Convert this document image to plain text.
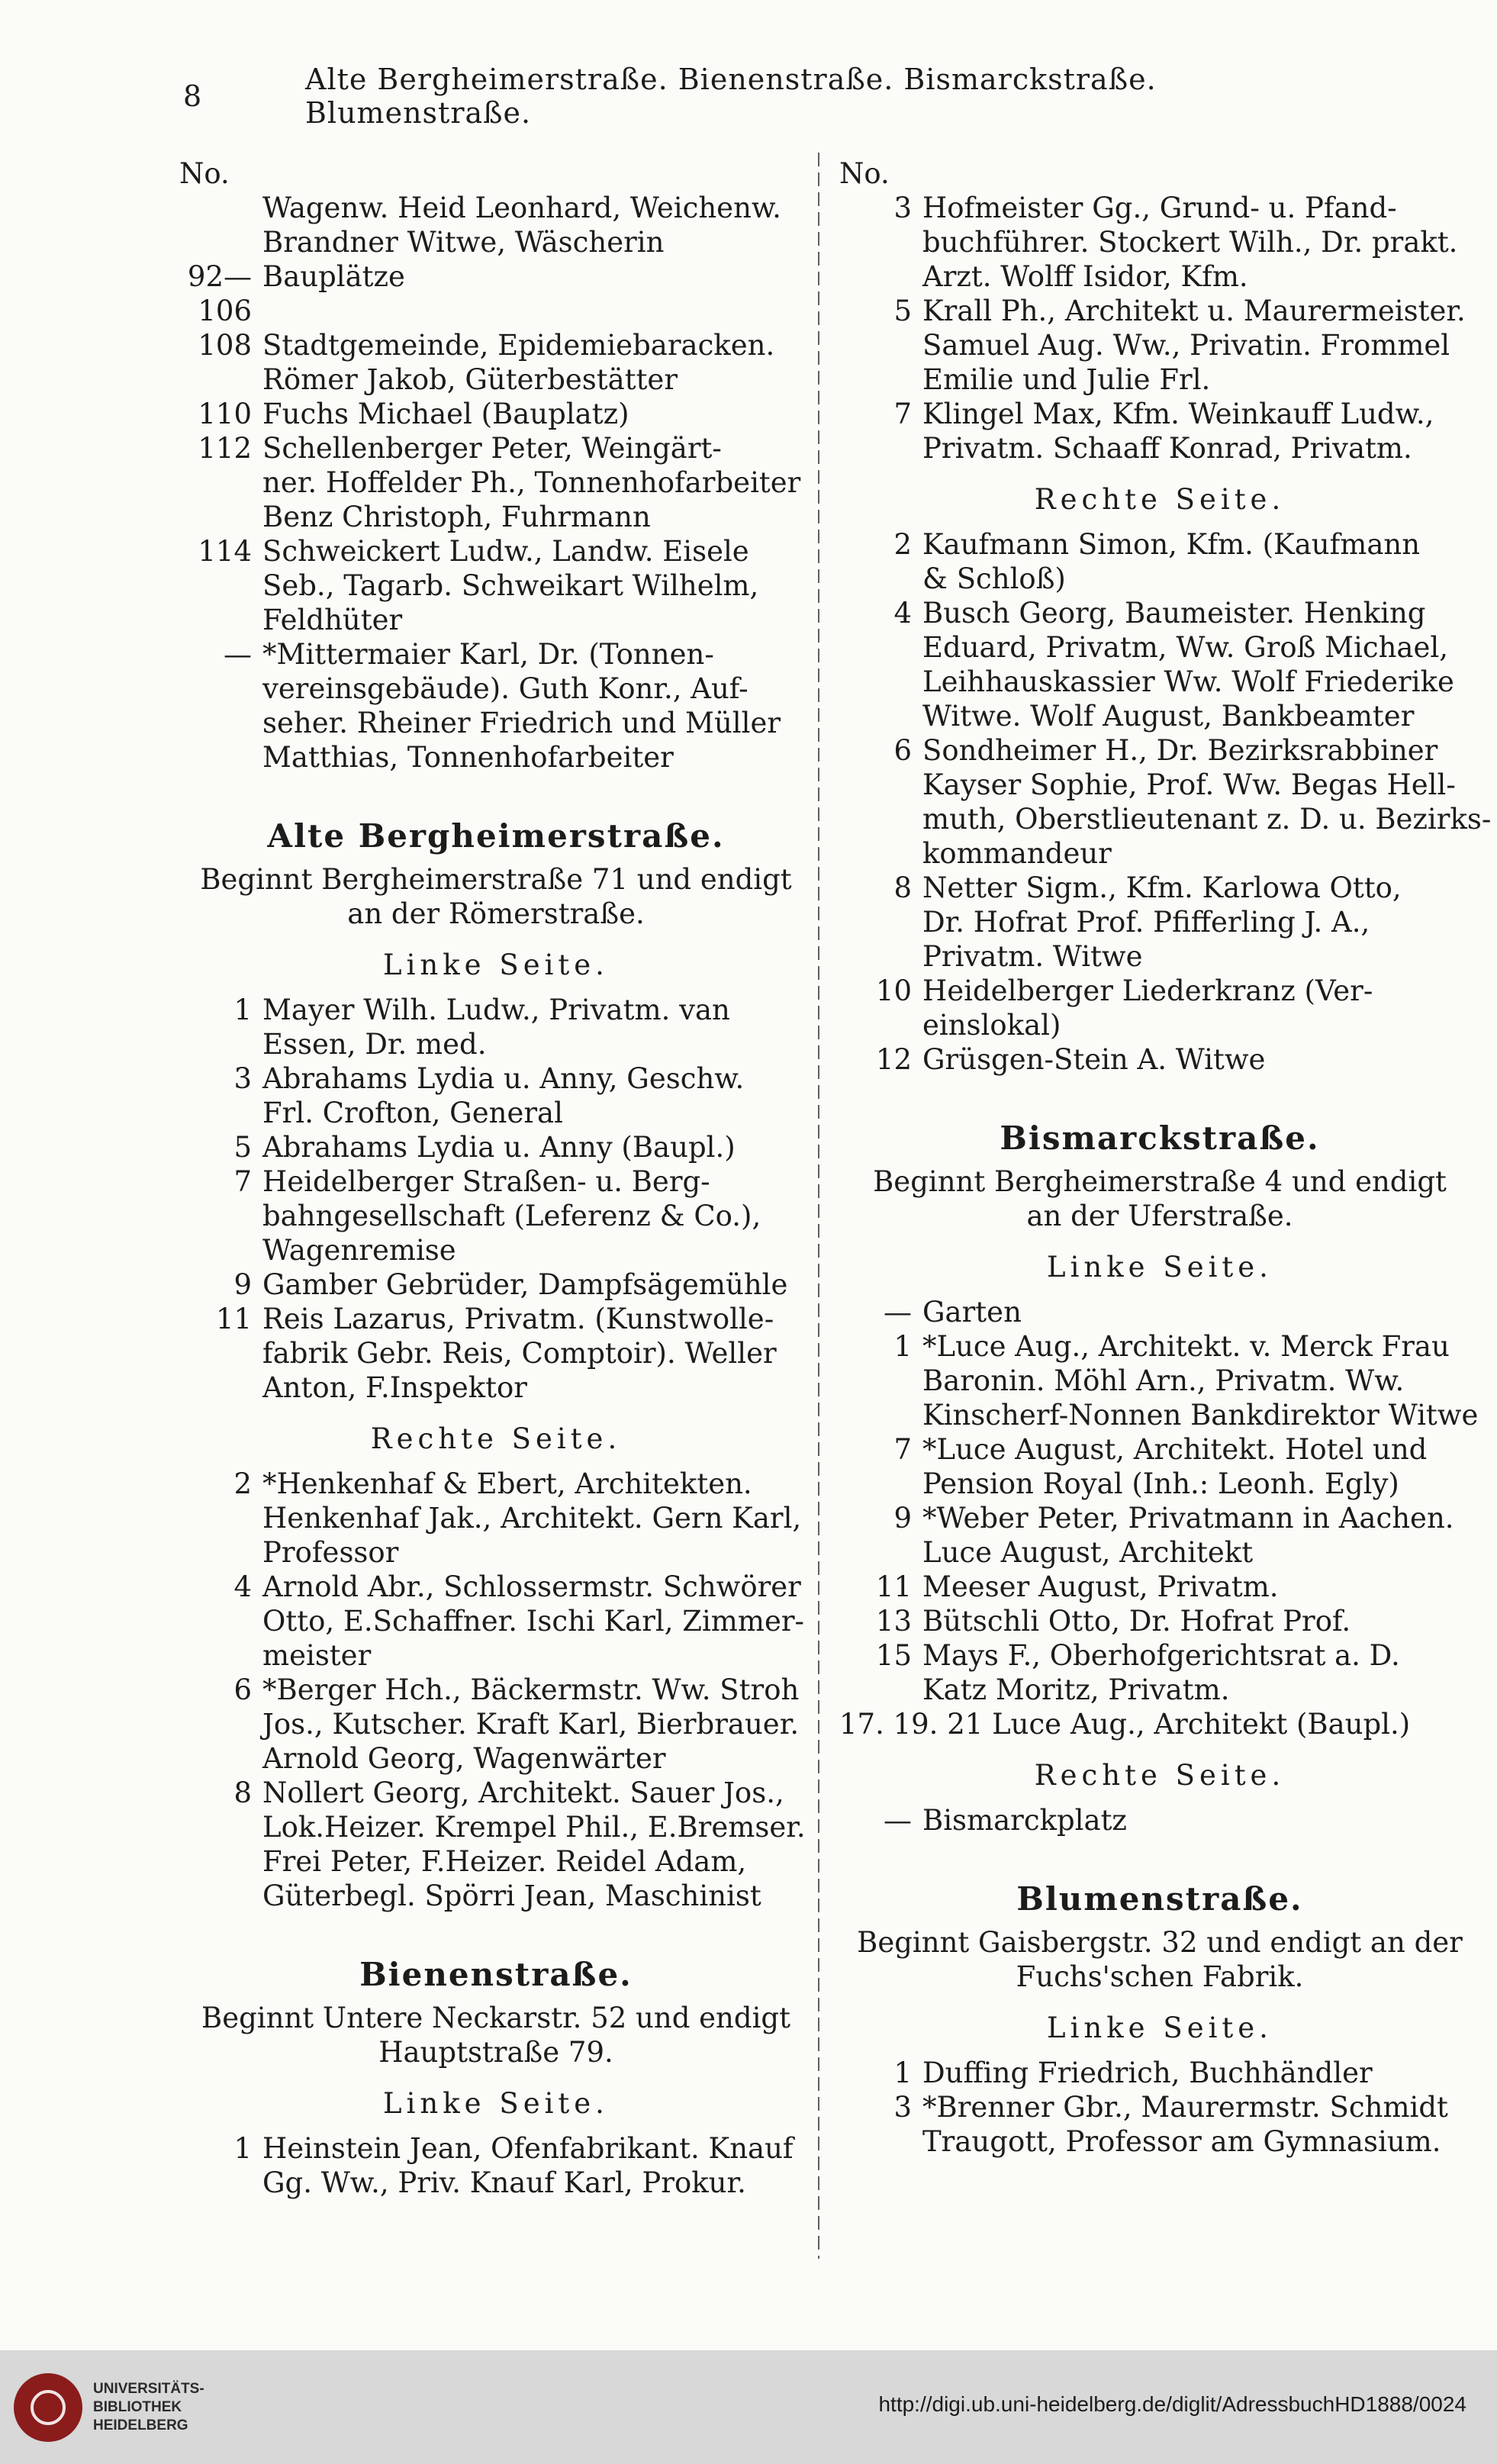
8	Alte Bergheimerstraße. Bienenstraße. Bismarckstraße. Blumenstraße.
No.
Wagenw. Heid Leonhard, Weichenw.
Brandner Witwe, Wäscherin
92—106
Bauplätze
108 Stadtgemeinde, Epidemiebaracken.
Römer Jakob, Güterbestätter
110 Fuchs Michael (Bauplatz)
112 Schellenberger Peter, Weingärt-
ner. Hoffelder Ph., Tonnenhofarbeiter
Benz Christoph, Fuhrmann
114 Schweickert Ludw., Landw. Eisele
Seb., Tagarb. Schweikart Wilhelm,
Feldhüter
— *Mittermaier Karl, Dr. (Tonnen-
vereinsgebäude). Guth Konr., Auf-
seher. Rheiner Friedrich und Müller
Matthias, Tonnenhofarbeiter
Alte Bergheimerstraße.
Beginnt Bergheimerstraße 71 und endigt
an der Römerstraße.
Linke Seite.
1 Mayer Wilh. Ludw., Privatm. van
Essen, Dr. med.
3 Abrahams Lydia u. Anny, Geschw.
Frl. Crofton, General
5 Abrahams Lydia u. Anny (Baupl.)
7 Heidelberger Straßen- u. Berg-
bahngesellschaft (Leferenz & Co.),
Wagenremise
9 Gamber Gebrüder, Dampfsägemühle
11 Reis Lazarus, Privatm. (Kunstwolle-
fabrik Gebr. Reis, Comptoir). Weller
Anton, F.Inspektor
Rechte Seite.
2 *Henkenhaf & Ebert, Architekten.
Henkenhaf Jak., Architekt. Gern Karl,
Professor
4 Arnold Abr., Schlossermstr. Schwörer
Otto, E.Schaffner. Ischi Karl, Zimmer-
meister
6 *Berger Hch., Bäckermstr. Ww. Stroh
Jos., Kutscher. Kraft Karl, Bierbrauer.
Arnold Georg, Wagenwärter
8 Nollert Georg, Architekt. Sauer Jos.,
Lok.Heizer. Krempel Phil., E.Bremser.
Frei Peter, F.Heizer. Reidel Adam,
Güterbegl. Spörri Jean, Maschinist
Bienenstraße.
Beginnt Untere Neckarstr. 52 und endigt
Hauptstraße 79.
Linke Seite.
1 Heinstein Jean, Ofenfabrikant. Knauf
Gg. Ww., Priv. Knauf Karl, Prokur.
No.
3 Hofmeister Gg., Grund- u. Pfand-
buchführer. Stockert Wilh., Dr. prakt.
Arzt. Wolff Isidor, Kfm.
5 Krall Ph., Architekt u. Maurermeister.
Samuel Aug. Ww., Privatin. Frommel
Emilie und Julie Frl.
7 Klingel Max, Kfm. Weinkauff Ludw.,
Privatm. Schaaff Konrad, Privatm.
Rechte Seite.
2 Kaufmann Simon, Kfm. (Kaufmann
& Schloß)
4 Busch Georg, Baumeister. Henking
Eduard, Privatm, Ww. Groß Michael,
Leihhauskassier Ww. Wolf Friederike
Witwe. Wolf August, Bankbeamter
6 Sondheimer H., Dr. Bezirksrabbiner
Kayser Sophie, Prof. Ww. Begas Hell-
muth, Oberstlieutenant z. D. u. Bezirks-
kommandeur
8 Netter Sigm., Kfm. Karlowa Otto,
Dr. Hofrat Prof. Pfifferling J. A.,
Privatm. Witwe
10 Heidelberger Liederkranz (Ver-
einslokal)
12 Grüsgen-Stein A. Witwe
Bismarckstraße.
Beginnt Bergheimerstraße 4 und endigt
an der Uferstraße.
Linke Seite.
— Garten
1 *Luce Aug., Architekt. v. Merck Frau
Baronin. Möhl Arn., Privatm. Ww.
Kinscherf-Nonnen Bankdirektor Witwe
7 *Luce August, Architekt. Hotel und
Pension Royal (Inh.: Leonh. Egly)
9 *Weber Peter, Privatmann in Aachen.
Luce August, Architekt
11 Meeser August, Privatm.
13 Bütschli Otto, Dr. Hofrat Prof.
15 Mays F., Oberhofgerichtsrat a. D.
Katz Moritz, Privatm.
17. 19. 21 Luce Aug., Architekt (Baupl.)
Rechte Seite.
— Bismarckplatz
Blumenstraße.
Beginnt Gaisbergstr. 32 und endigt an der
Fuchs'schen Fabrik.
Linke Seite.
1 Duffing Friedrich, Buchhändler
3 *Brenner Gbr., Maurermstr. Schmidt
Traugott, Professor am Gymnasium.
UNIVERSITÄTS-
BIBLIOTHEK
HEIDELBERG
http://digi.ub.uni-heidelberg.de/diglit/AdressbuchHD1888/0024
